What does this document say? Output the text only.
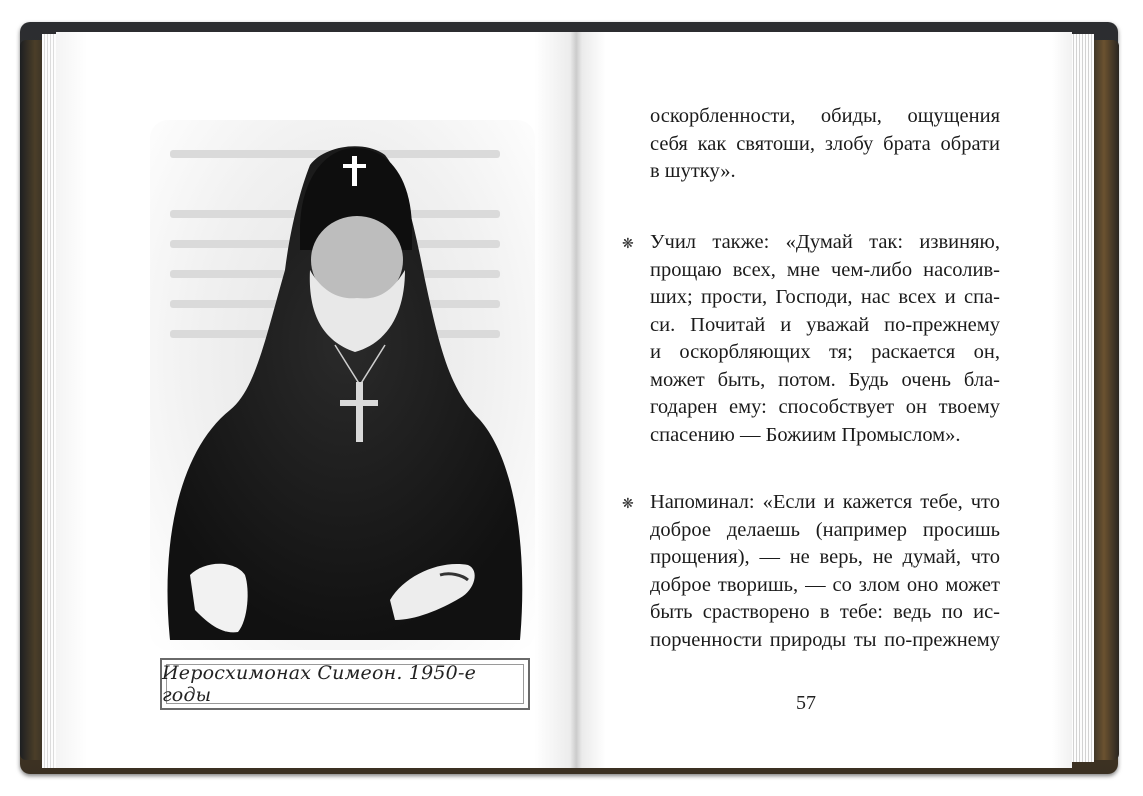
Иеросхимонах Симеон. 1950-е годы
оскорбленности, обиды, ощущения
себя как святоши, злобу брата обрати
в шутку».
❋ Учил также: «Думай так: извиняю,
прощаю всех, мне чем-либо насолив-
ших; прости, Господи, нас всех и спа-
си. Почитай и уважай по-прежнему
и оскорбляющих тя; раскается он,
может быть, потом. Будь очень бла-
годарен ему: способствует он твоему
спасению — Божиим Промыслом».
❋ Напоминал: «Если и кажется тебе, что
доброе делаешь (например просишь
прощения), — не верь, не думай, что
доброе творишь, — со злом оно может
быть срастворено в тебе: ведь по ис-
порченности природы ты по-прежнему
57
